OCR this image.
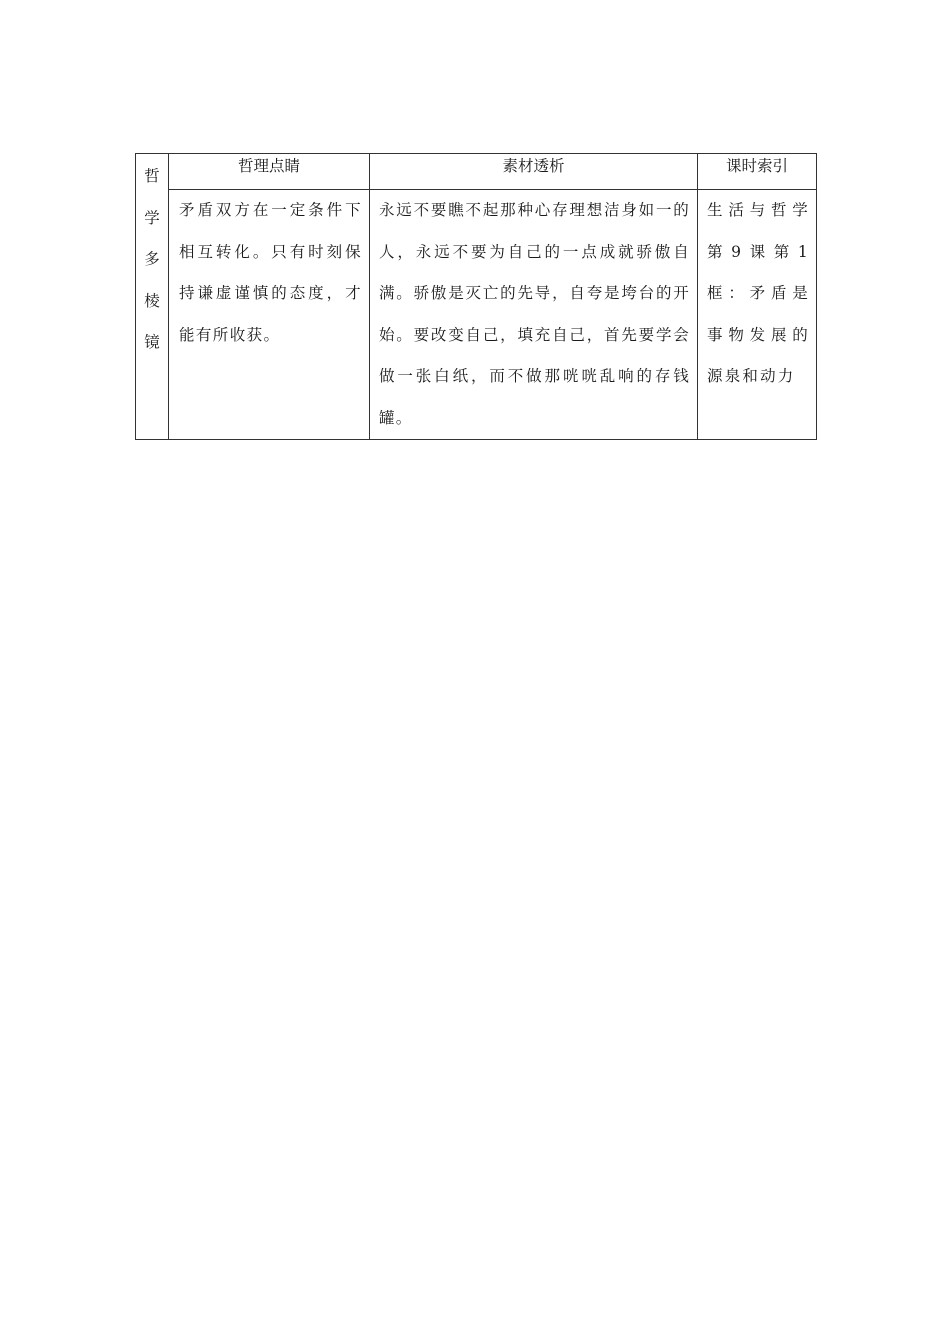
哲
学
多
棱
镜	哲理点睛	素材透析	课时索引

	矛盾双方在一定条件下相互转化。只有时刻保持谦虚谨慎的态度，才能有所收获。	永远不要瞧不起那种心存理想洁身如一的人，永远不要为自己的一点成就骄傲自满。骄傲是灭亡的先导，自夸是垮台的开始。要改变自己，填充自己，首先要学会做一张白纸，而不做那咣咣乱响的存钱罐。	生活与哲学第9课第1框：矛盾是事物发展的源泉和动力
